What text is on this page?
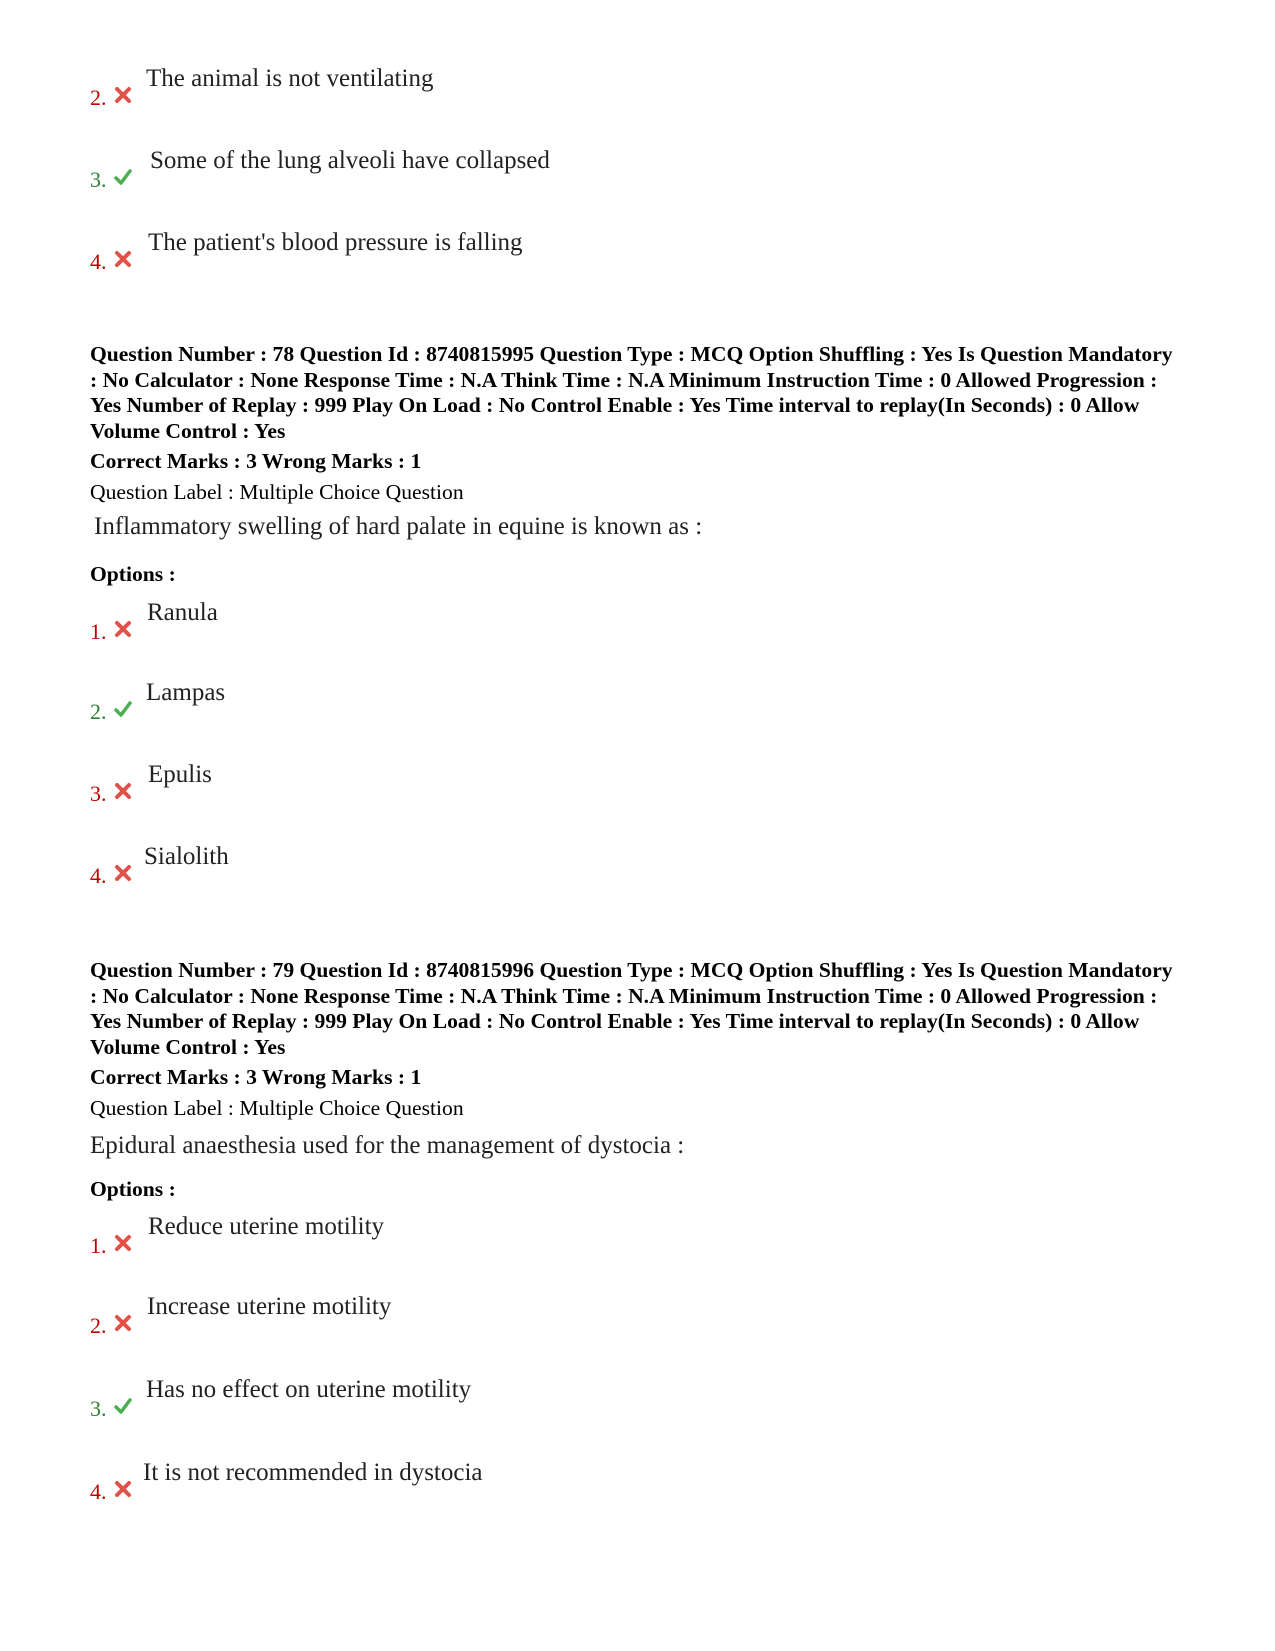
2.
The animal is not ventilating
3.
Some of the lung alveoli have collapsed
4.
The patient's blood pressure is falling
Question Number : 78 Question Id : 8740815995 Question Type : MCQ Option Shuffling : Yes Is Question Mandatory : No Calculator : None Response Time : N.A Think Time : N.A Minimum Instruction Time : 0 Allowed Progression : Yes Number of Replay : 999 Play On Load : No Control Enable : Yes Time interval to replay(In Seconds) : 0 Allow Volume Control : Yes
Correct Marks : 3 Wrong Marks : 1
Question Label : Multiple Choice Question
Inflammatory swelling of hard palate in equine is known as :
Options :
1.
Ranula
2.
Lampas
3.
Epulis
4.
Sialolith
Question Number : 79 Question Id : 8740815996 Question Type : MCQ Option Shuffling : Yes Is Question Mandatory : No Calculator : None Response Time : N.A Think Time : N.A Minimum Instruction Time : 0 Allowed Progression : Yes Number of Replay : 999 Play On Load : No Control Enable : Yes Time interval to replay(In Seconds) : 0 Allow Volume Control : Yes
Correct Marks : 3 Wrong Marks : 1
Question Label : Multiple Choice Question
Epidural anaesthesia used for the management of dystocia :
Options :
1.
Reduce uterine motility
2.
Increase uterine motility
3.
Has no effect on uterine motility
4.
It is not recommended in dystocia
